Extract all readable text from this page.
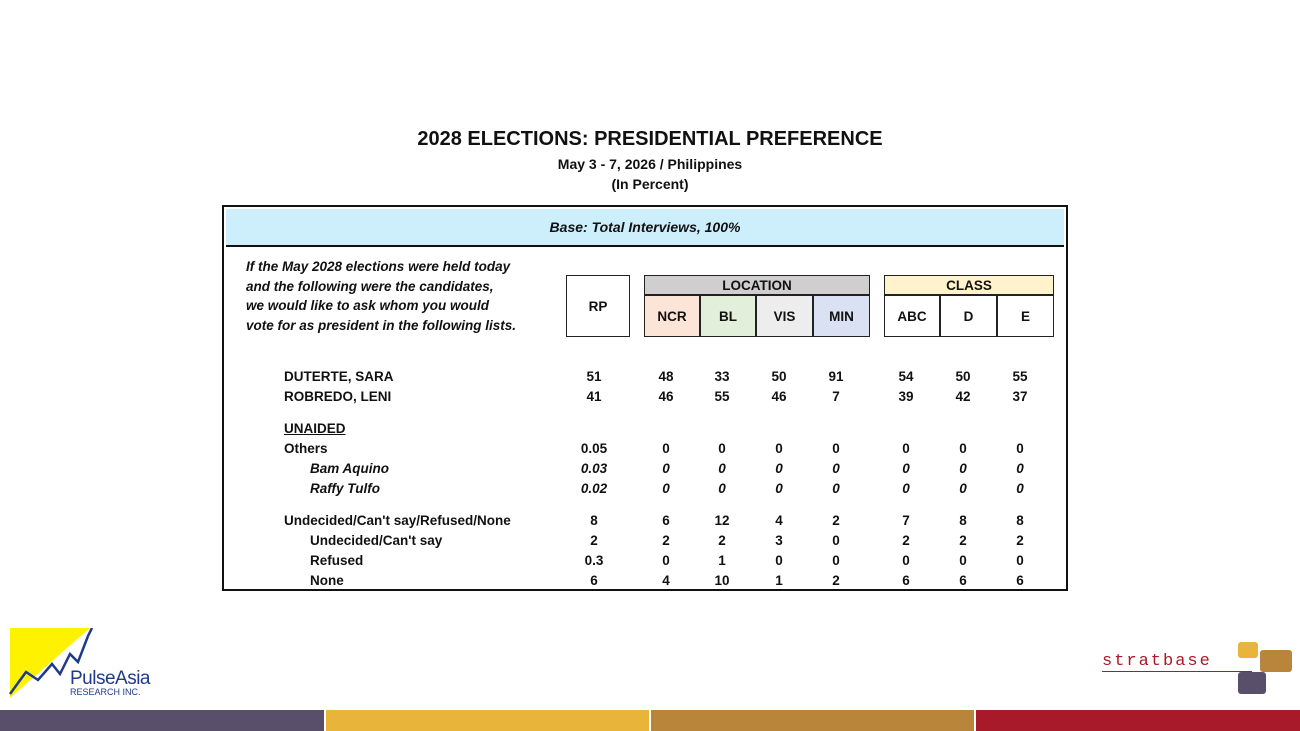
2028 ELECTIONS: PRESIDENTIAL PREFERENCE
May 3 - 7, 2026 / Philippines
(In Percent)
Base: Total Interviews, 100%
If the May 2028 elections were held today
and the following were the candidates,
we would like to ask whom you would
vote for as president in the following lists.
RP
LOCATION
NCR	BL	VIS	MIN
CLASS
ABC	D	E
DUTERTE, SARA	51	48	33	50	91	54	50	55
ROBREDO, LENI	41	46	55	46	7	39	42	37
UNAIDED
Others	0.05	0	0	0	0	0	0	0
Bam Aquino	0.03	0	0	0	0	0	0	0
Raffy Tulfo	0.02	0	0	0	0	0	0	0
Undecided/Can't say/Refused/None	8	6	12	4	2	7	8	8
Undecided/Can't say	2	2	2	3	0	2	2	2
Refused	0.3	0	1	0	0	0	0	0
None	6	4	10	1	2	6	6	6
PulseAsia
RESEARCH INC.
stratbase
